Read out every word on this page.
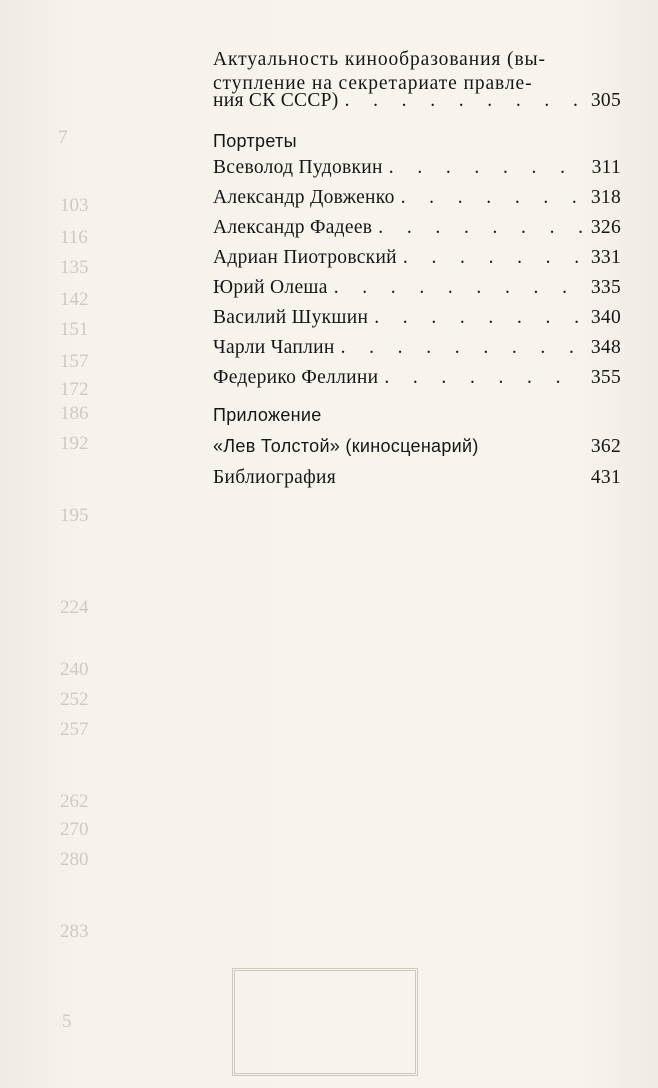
7
103
116
135
142
151
157
172
186
192
195
224
240
252
257
262
270
280
283
5
Актуальность кинообразования (вы-
ступление на секретариате правле-
ния СК СССР) . . .	305
Портреты
Всеволод Пудовкин . . .	311
Александр Довженко . . .	318
Александр Фадеев . . .	326
Адриан Пиотровский . . .	331
Юрий Олеша . . .	335
Василий Шукшин . . .	340
Чарли Чаплин . . .	348
Федерико Феллини . . .	355
Приложение
«Лев Толстой» (киносценарий)	362
Библиография	431
